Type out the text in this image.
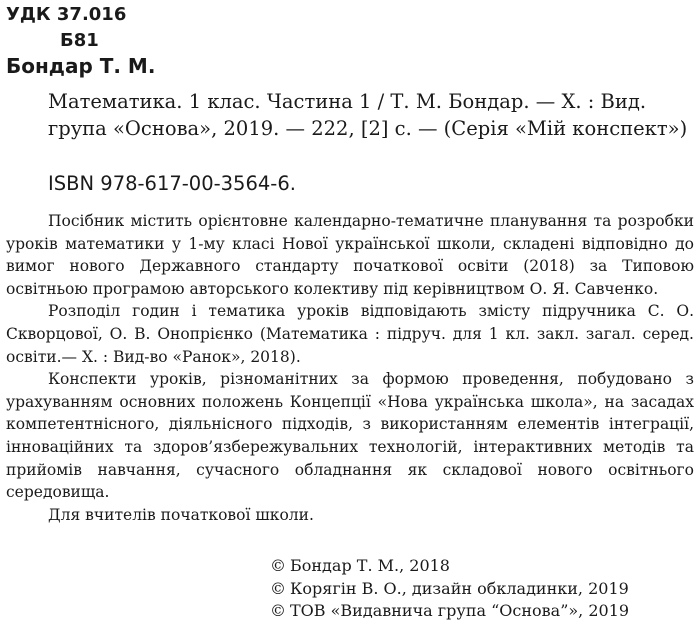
УДК 37.016
Б81
Бондар Т. М.
Математика. 1 клас. Частина 1 / Т. М. Бондар. — Х. : Вид. група «Основа», 2019. — 222, [2] с. — (Серія «Мій конспект»)
ISBN 978-617-00-3564-6.

Посібник містить орієнтовне календарно-тематичне планування та розробки уроків математики у 1-му класі Нової української школи, складені відповідно до вимог нового Державного стандарту початкової освіти (2018) за Типовою освітньою програмою авторського колективу під керівництвом О. Я. Савченко.

Розподіл годин і тематика уроків відповідають змісту підручника С. О. Скворцової, О. В. Онопрієнко (Математика : підруч. для 1 кл. закл. загал. серед. освіти.— Х. : Вид-во «Ранок», 2018).

Конспекти уроків, різноманітних за формою проведення, побудовано з урахуванням основних положень Концепції «Нова українська школа», на засадах компетентнісного, діяльнісного підходів, з використанням елементів інтеграції, інноваційних та здоров’язбережувальних технологій, інтерактивних методів та прийомів навчання, сучасного обладнання як складової нового освітнього середовища.

Для вчителів початкової школи.

© Бондар Т. М., 2018
© Корягін В. О., дизайн обкладинки, 2019
© ТОВ «Видавнича група “Основа”», 2019
